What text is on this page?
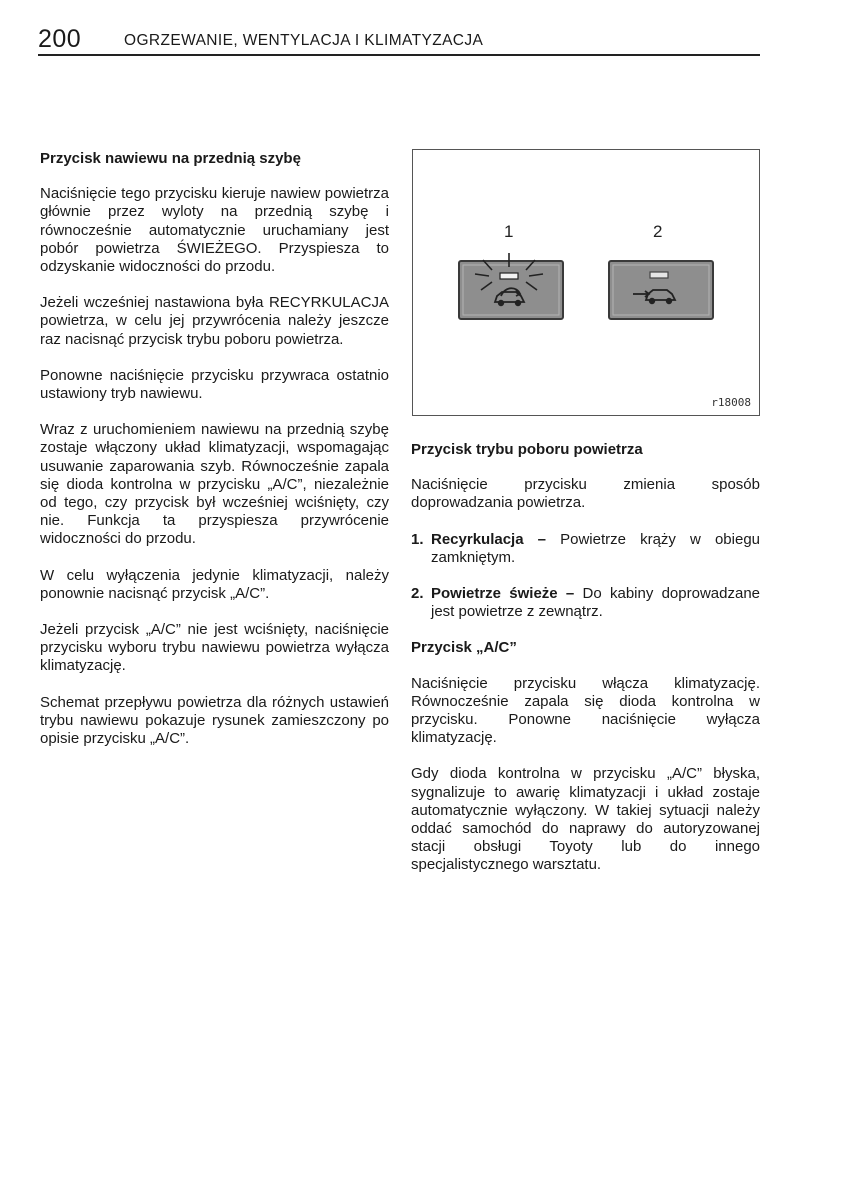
200	OGRZEWANIE, WENTYLACJA I KLIMATYZACJA

Przycisk nawiewu na przednią szybę

Naciśnięcie tego przycisku kieruje nawiew powietrza głównie przez wyloty na przednią szybę i równocześnie automatycznie uruchamiany jest pobór powietrza ŚWIEŻEGO. Przyspiesza to odzyskanie widoczności do przodu.

Jeżeli wcześniej nastawiona była RECYRKULACJA powietrza, w celu jej przywrócenia należy jeszcze raz nacisnąć przycisk trybu poboru powietrza.

Ponowne naciśnięcie przycisku przywraca ostatnio ustawiony tryb nawiewu.

Wraz z uruchomieniem nawiewu na przednią szybę zostaje włączony układ klimatyzacji, wspomagając usuwanie zaparowania szyb. Równocześnie zapala się dioda kontrolna w przycisku „A/C”, niezależnie od tego, czy przycisk był wcześniej wciśnięty, czy nie. Funkcja ta przyspiesza przywrócenie widoczności do przodu.

W celu wyłączenia jedynie klimatyzacji, należy ponownie nacisnąć przycisk „A/C”.

Jeżeli przycisk „A/C” nie jest wciśnięty, naciśnięcie przycisku wyboru trybu nawiewu powietrza wyłącza klimatyzację.

Schemat przepływu powietrza dla różnych ustawień trybu nawiewu pokazuje rysunek zamieszczony po opisie przycisku „A/C”.

1	2
r18008

Przycisk trybu poboru powietrza

Naciśnięcie przycisku zmienia sposób doprowadzania powietrza.

1. Recyrkulacja – Powietrze krąży w obiegu zamkniętym.
2. Powietrze świeże – Do kabiny doprowadzane jest powietrze z zewnątrz.

Przycisk „A/C”

Naciśnięcie przycisku włącza klimatyzację. Równocześnie zapala się dioda kontrolna w przycisku. Ponowne naciśnięcie wyłącza klimatyzację.

Gdy dioda kontrolna w przycisku „A/C” błyska, sygnalizuje to awarię klimatyzacji i układ zostaje automatycznie wyłączony. W takiej sytuacji należy oddać samochód do naprawy do autoryzowanej stacji obsługi Toyoty lub do innego specjalistycznego warsztatu.
